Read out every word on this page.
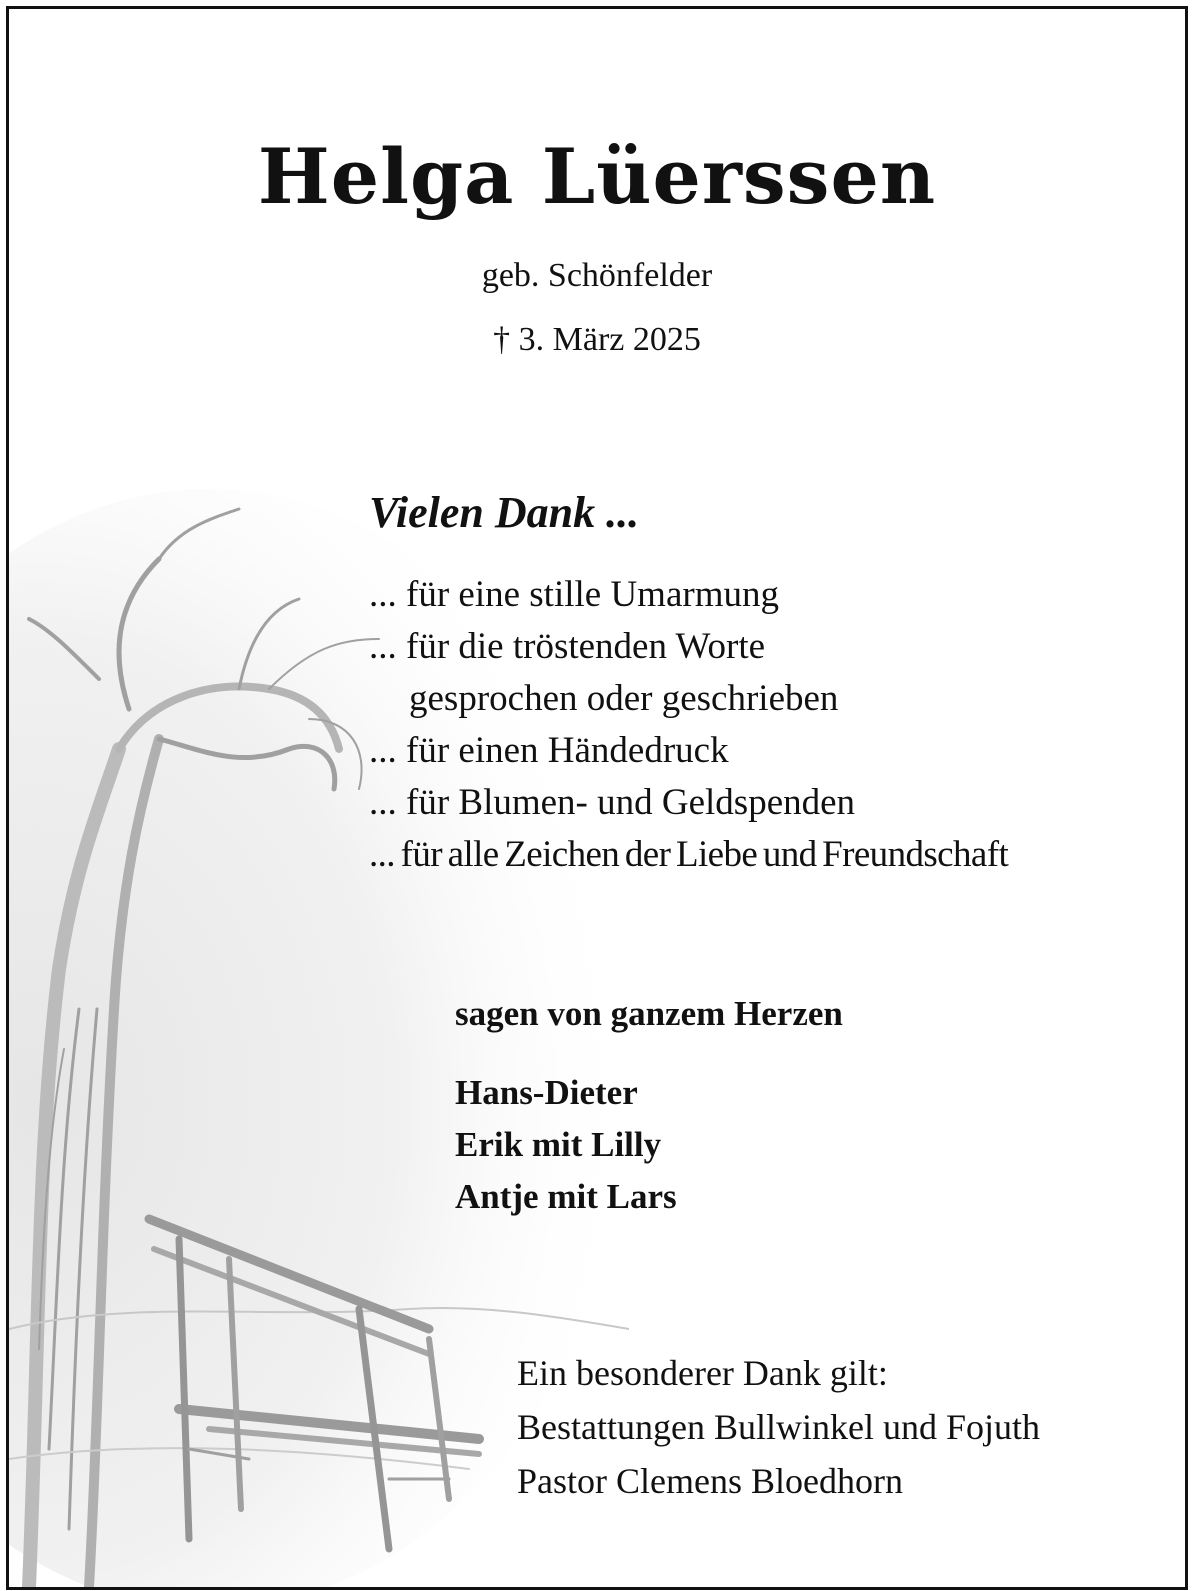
Helga Lüerssen
geb. Schönfelder
† 3. März 2025
Vielen Dank ...
... für eine stille Umarmung
... für die tröstenden Worte
gesprochen oder geschrieben
... für einen Händedruck
... für Blumen- und Geldspenden
... für alle Zeichen der Liebe und Freundschaft
sagen von ganzem Herzen
Hans-Dieter
Erik mit Lilly
Antje mit Lars
Ein besonderer Dank gilt:
Bestattungen Bullwinkel und Fojuth
Pastor Clemens Bloedhorn
